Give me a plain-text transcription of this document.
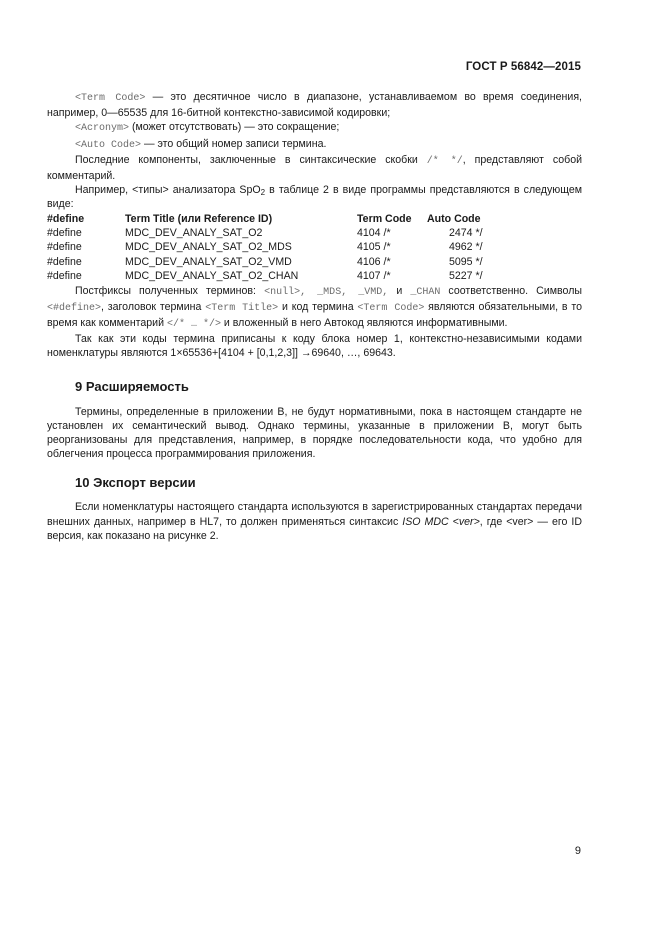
ГОСТ Р 56842—2015

<Term Code> — это десятичное число в диапазоне, устанавливаемом во время соединения, например, 0—65535 для 16-битной контекстно-зависимой кодировки;

<Acronym> (может отсутствовать) — это сокращение;

<Auto Code> — это общий номер записи термина.

Последние компоненты, заключенные в синтаксические скобки /* */, представляют собой комментарий.

Например, <типы> анализатора SpO$_2$ в таблице 2 в виде программы представляются в следующем виде:

#define	Term Title (или Reference ID)	Term Code	Auto Code
#define	MDC_DEV_ANALY_SAT_O2	4104 /*	2474 */
#define	MDC_DEV_ANALY_SAT_O2_MDS	4105 /*	4962 */
#define	MDC_DEV_ANALY_SAT_O2_VMD	4106 /*	5095 */
#define	MDC_DEV_ANALY_SAT_O2_CHAN	4107 /*	5227 */

Постфиксы полученных терминов: <null>, _MDS, _VMD, и _CHAN соответственно. Символы <#define>, заголовок термина <Term Title> и код термина <Term Code> являются обязательными, в то время как комментарий </* … */> и вложенный в него Автокод являются информативными.

Так как эти коды термина приписаны к коду блока номер 1, контекстно-независимыми кодами номенклатуры являются 1×65536+[4104 + [0,1,2,3]] →69640, …, 69643.

9 Расширяемость

Термины, определенные в приложении В, не будут нормативными, пока в настоящем стандарте не установлен их семантический вывод. Однако термины, указанные в приложении В, могут быть реорганизованы для представления, например, в порядке последовательности кода, что удобно для облегчения процесса программирования приложения.

10 Экспорт версии

Если номенклатуры настоящего стандарта используются в зарегистрированных стандартах передачи внешних данных, например в HL7, то должен применяться синтаксис ISO MDC <ver>, где <ver> — его ID версия, как показано на рисунке 2.

9
